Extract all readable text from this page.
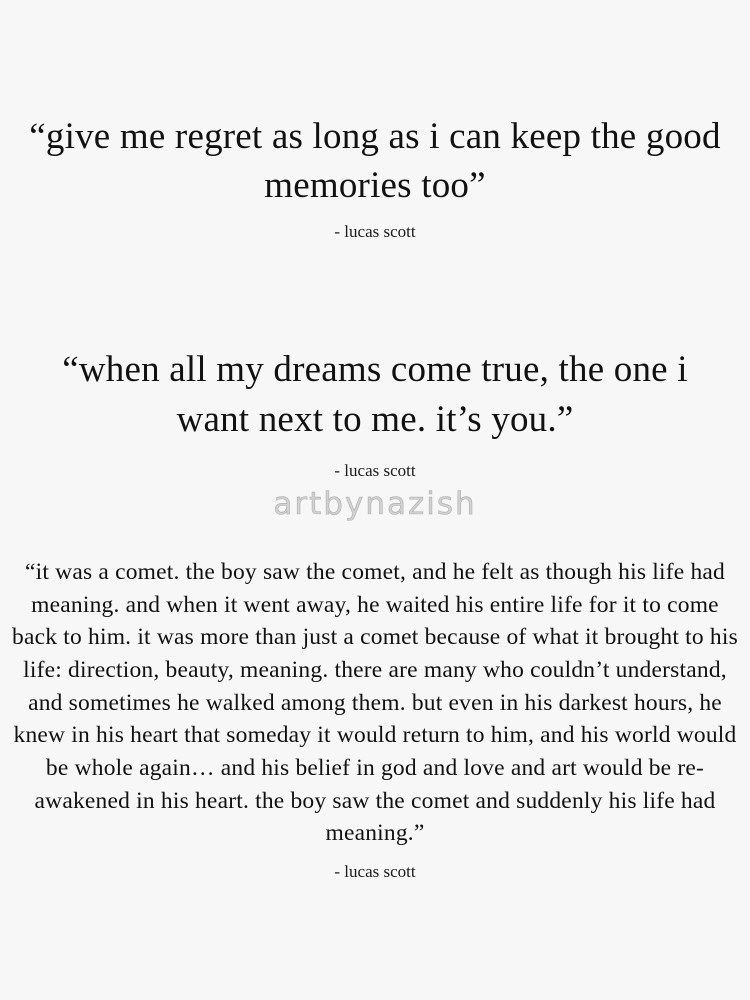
“give me regret as long as i can keep the good memories too”
- lucas scott
“when all my dreams come true, the one i want next to me. it’s you.”
- lucas scott
artbynazish
“it was a comet. the boy saw the comet, and he felt as though his life had meaning. and when it went away, he waited his entire life for it to come back to him. it was more than just a comet because of what it brought to his life: direction, beauty, meaning. there are many who couldn’t understand, and sometimes he walked among them. but even in his darkest hours, he knew in his heart that someday it would return to him, and his world would be whole again… and his belief in god and love and art would be re-awakened in his heart. the boy saw the comet and suddenly his life had meaning.”
- lucas scott
